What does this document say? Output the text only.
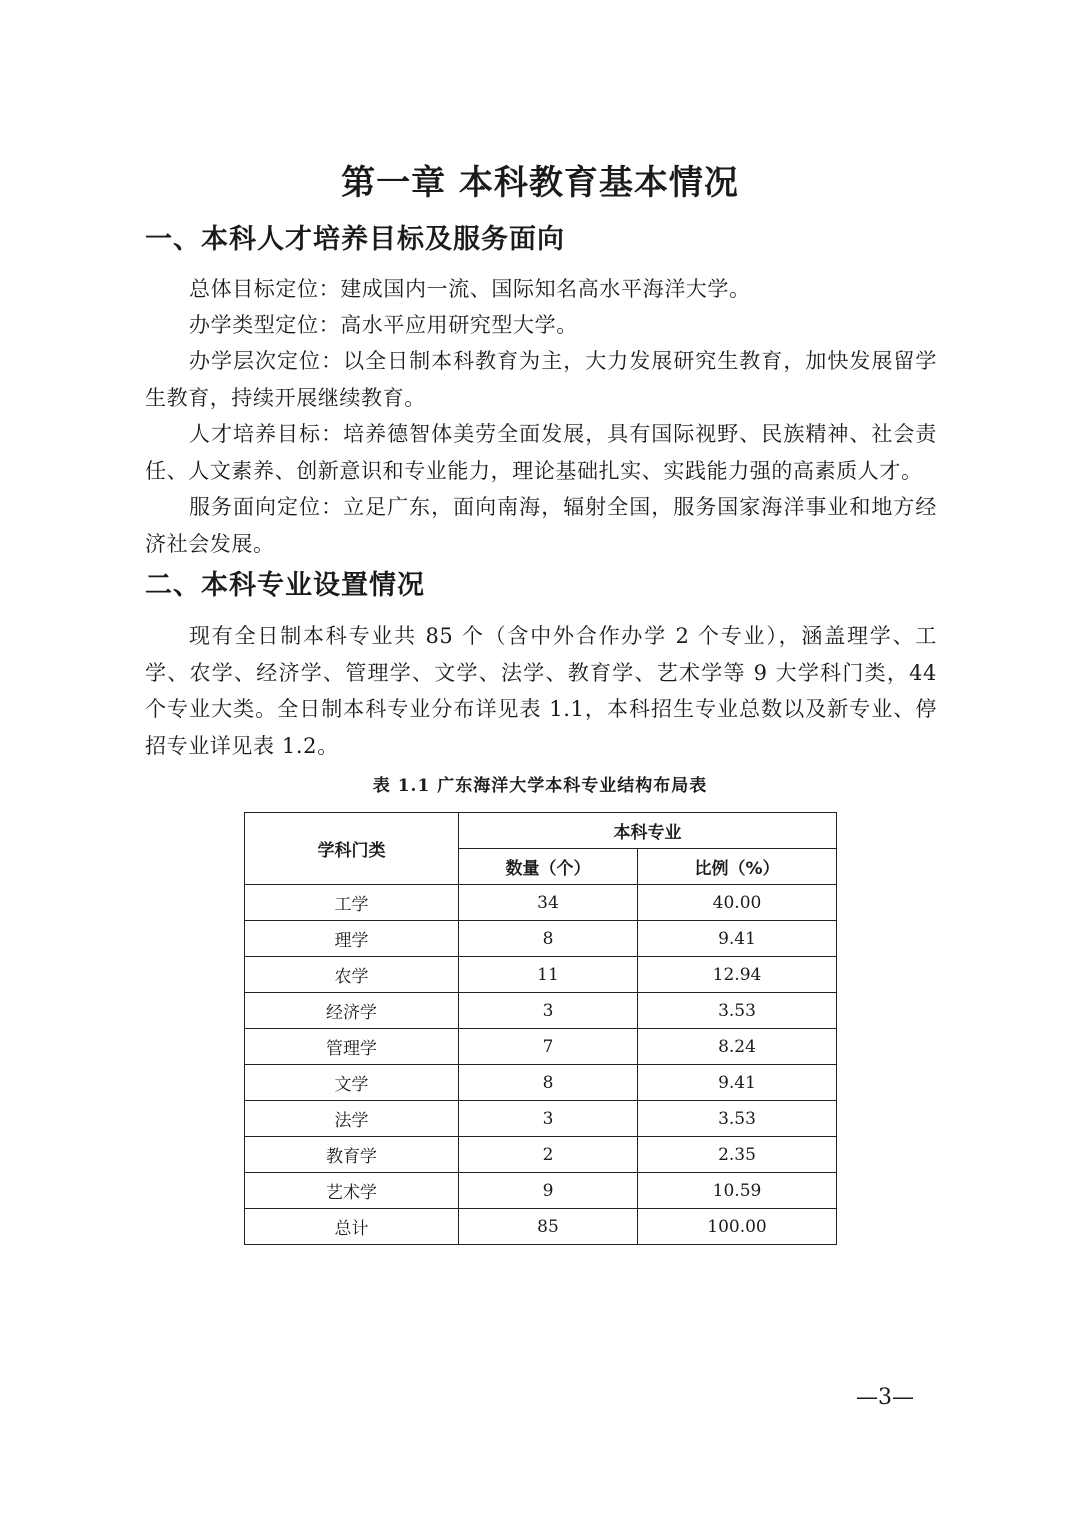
第一章 本科教育基本情况
一、本科人才培养目标及服务面向

总体目标定位：建成国内一流、国际知名高水平海洋大学。

办学类型定位：高水平应用研究型大学。

办学层次定位：以全日制本科教育为主，大力发展研究生教育，加快发展留学生教育，持续开展继续教育。

人才培养目标：培养德智体美劳全面发展，具有国际视野、民族精神、社会责任、人文素养、创新意识和专业能力，理论基础扎实、实践能力强的高素质人才。

服务面向定位：立足广东，面向南海，辐射全国，服务国家海洋事业和地方经济社会发展。

二、本科专业设置情况

现有全日制本科专业共 85 个（含中外合作办学 2 个专业），涵盖理学、工学、农学、经济学、管理学、文学、法学、教育学、艺术学等 9 大学科门类，44 个专业大类。全日制本科专业分布详见表 1.1，本科招生专业总数以及新专业、停招专业详见表 1.2。

表 1.1 广东海洋大学本科专业结构布局表

学科门类	本科专业	
	数量（个）	比例（%）
工学	34	40.00
理学	8	9.41
农学	11	12.94
经济学	3	3.53
管理学	7	8.24
文学	8	9.41
法学	3	3.53
教育学	2	2.35
艺术学	9	10.59
总计	85	100.00
—3—
